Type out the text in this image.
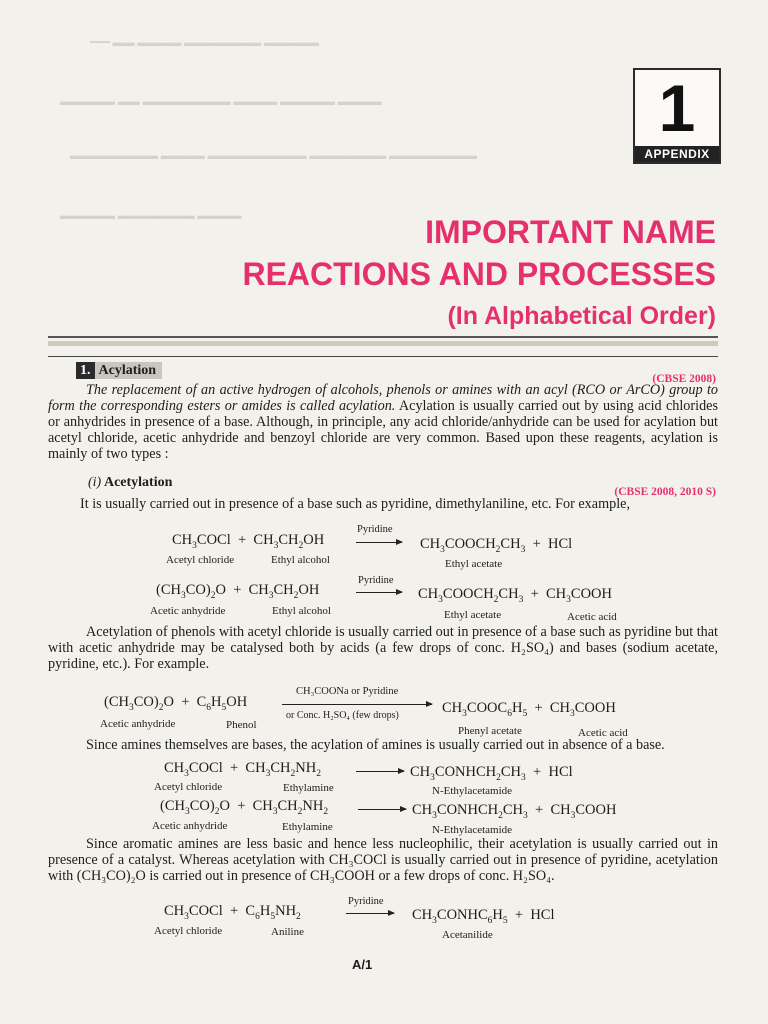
━━━ ▬▬ ▬▬▬▬ ▬▬▬▬▬▬▬ ▬▬▬▬▬
▬▬▬▬▬ ▬▬ ▬▬▬▬▬▬▬▬ ▬▬▬▬ ▬▬▬▬▬ ▬▬▬▬
▬▬▬▬▬▬▬▬ ▬▬▬▬ ▬▬▬▬▬▬▬▬▬ ▬▬▬▬▬▬▬ ▬▬▬▬▬▬▬▬
▬▬▬▬▬ ▬▬▬▬▬▬▬ ▬▬▬▬
1
APPENDIX
IMPORTANT NAME
REACTIONS AND PROCESSES
(In Alphabetical Order)
1. Acylation
(CBSE 2008)

The replacement of an active hydrogen of alcohols, phenols or amines with an acyl (RCO or ArCO) group to form the corresponding esters or amides is called acylation. Acylation is usually carried out by using acid chlorides or anhydrides in presence of a base. Although, in principle, any acid chloride/anhydride can be used for acylation but acetyl chloride, acetic anhydride and benzoyl chloride are very common. Based upon these reagents, acylation is mainly of two types :

(i) Acetylation
(CBSE 2008, 2010 S)

It is usually carried out in presence of a base such as pyridine, dimethylaniline, etc. For example,

$CH_3COCl + CH_3CH_2OH$
Pyridine
→ $CH_3COOCH_2CH_3$  +  HCl
Acetyl chloride	Ethyl alcohol	Ethyl acetate
$(CH_3CO)_2O + CH_3CH_2OH$
Pyridine
→ $CH_3COOCH_2CH_3$  +  $CH_3COOH$
Acetic anhydride	Ethyl alcohol	Ethyl acetate	Acetic acid

Acetylation of phenols with acetyl chloride is usually carried out in presence of a base such as pyridine but that with acetic anhydride may be catalysed both by acids (a few drops of conc. H₂SO₄) and bases (sodium acetate, pyridine, etc.). For example.

$(CH_3CO)_2O + C_6H_5OH$
CH₃COONa or Pyridine
or Conc. H₂SO₄ (few drops)	$CH_3COOC_6H_5$  +  $CH_3COOH$
Acetic anhydride	Phenol	Phenyl acetate	Acetic acid

Since amines themselves are bases, the acylation of amines is usually carried out in absence of a base.

$CH_3COCl + CH_3CH_2NH_2$ → $CH_3CONHCH_2CH_3$  +  HCl
Acetyl chloride	Ethylamine	N-Ethylacetamide
$(CH_3CO)_2O + CH_3CH_2NH_2$ → $CH_3CONHCH_2CH_3$  +  $CH_3COOH$
Acetic anhydride	Ethylamine	N-Ethylacetamide

Since aromatic amines are less basic and hence less nucleophilic, their acetylation is usually carried out in presence of a catalyst. Whereas acetylation with CH₃COCl is usually carried out in presence of pyridine, acetylation with (CH₃CO)₂O is carried out in presence of CH₃COOH or a few drops of conc. H₂SO₄.

$CH_3COCl + C_6H_5NH_2$
Pyridine
→ $CH_3CONHC_6H_5$  +  HCl
Acetyl chloride	Aniline	Acetanilide
A/1
